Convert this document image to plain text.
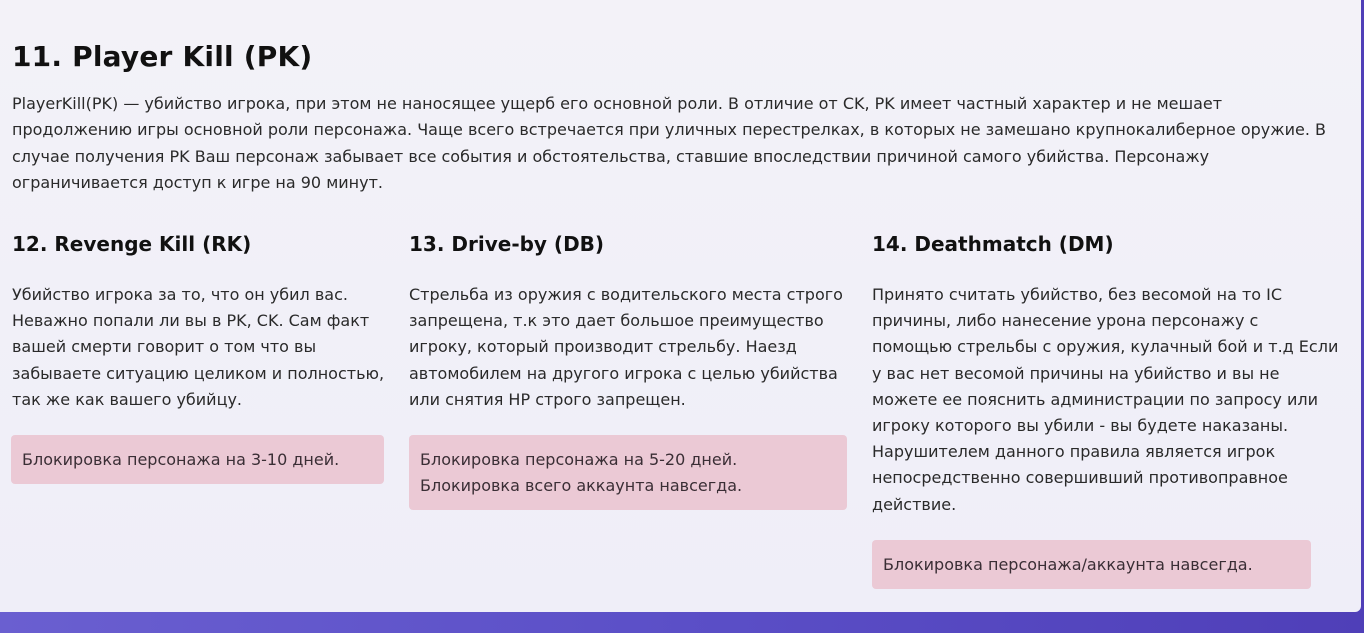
11. Player Kill (PK)

PlayerKill(PK) — убийство игрока, при этом не наносящее ущерб его основной роли. В отличие от CK, PK имеет частный характер и не мешает продолжению игры основной роли персонажа. Чаще всего встречается при уличных перестрелках, в которых не замешано крупнокалиберное оружие. В случае получения PK Ваш персонаж забывает все события и обстоятельства, ставшие впоследствии причиной самого убийства. Персонажу ограничивается доступ к игре на 90 минут.

12. Revenge Kill (RK)

Убийство игрока за то, что он убил вас. Неважно попали ли вы в PK, CK. Сам факт вашей смерти говорит о том что вы забываете ситуацию целиком и полностью, так же как вашего убийцу.

Блокировка персонажа на 3-10 дней.
13. Drive-by (DB)

Стрельба из оружия с водительского места строго запрещена, т.к это дает большое преимущество игроку, который производит стрельбу. Наезд автомобилем на другого игрока с целью убийства или снятия HP строго запрещен.

Блокировка персонажа на 5-20 дней.
Блокировка всего аккаунта навсегда.
14. Deathmatch (DM)

Принято считать убийство, без весомой на то IC причины, либо нанесение урона персонажу с помощью стрельбы с оружия, кулачный бой и т.д Если у вас нет весомой причины на убийство и вы не можете ее пояснить администрации по запросу или игроку которого вы убили - вы будете наказаны. Нарушителем данного правила является игрок непосредственно совершивший противоправное действие.

Блокировка персонажа/аккаунта навсегда.
